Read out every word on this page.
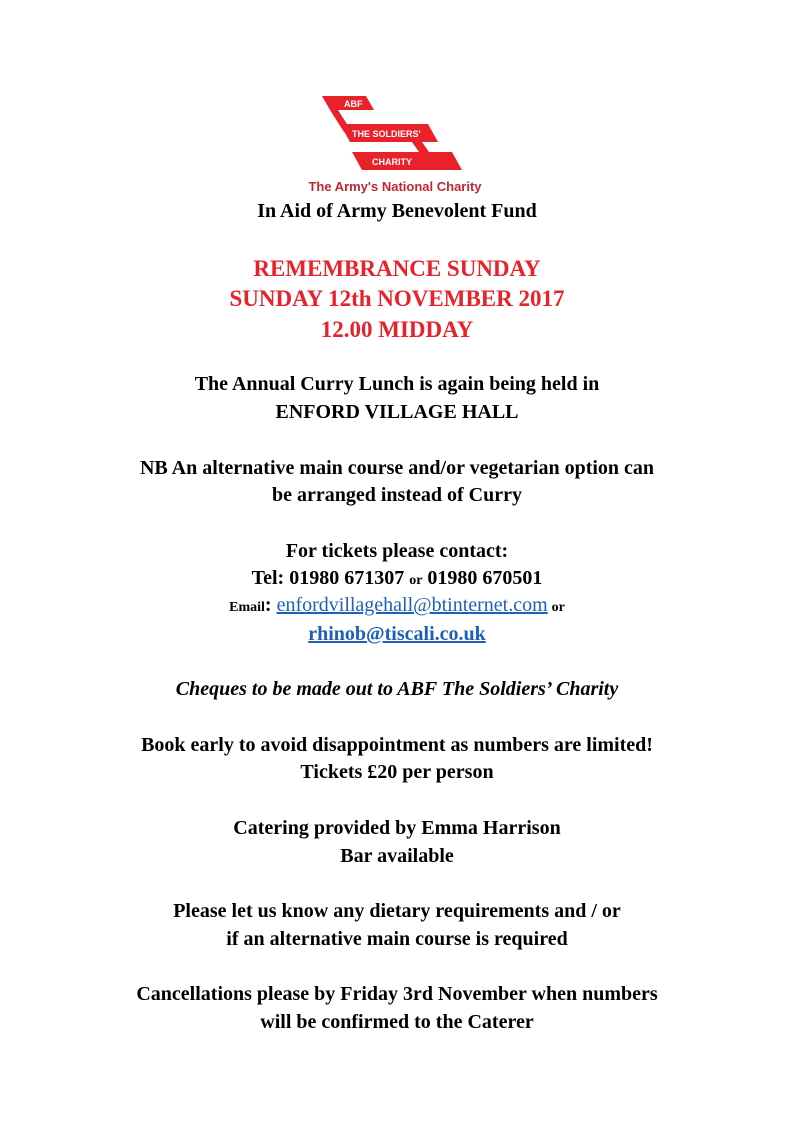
ABF
THE SOLDIERS'
CHARITY
The Army's National Charity
In Aid of Army Benevolent Fund
REMEMBRANCE SUNDAY
SUNDAY 12th NOVEMBER 2017
12.00 MIDDAY
The Annual Curry Lunch is again being held in
ENFORD VILLAGE HALL
NB An alternative main course and/or vegetarian option can
be arranged instead of Curry
For tickets please contact:
Tel: 01980 671307 or 01980 670501
Email: enfordvillagehall@btinternet.com or
rhinob@tiscali.co.uk
Cheques to be made out to ABF The Soldiers’ Charity
Book early to avoid disappointment as numbers are limited!
Tickets £20 per person
Catering provided by Emma Harrison
Bar available
Please let us know any dietary requirements and / or
if an alternative main course is required
Cancellations please by Friday 3rd November when numbers
will be confirmed to the Caterer
